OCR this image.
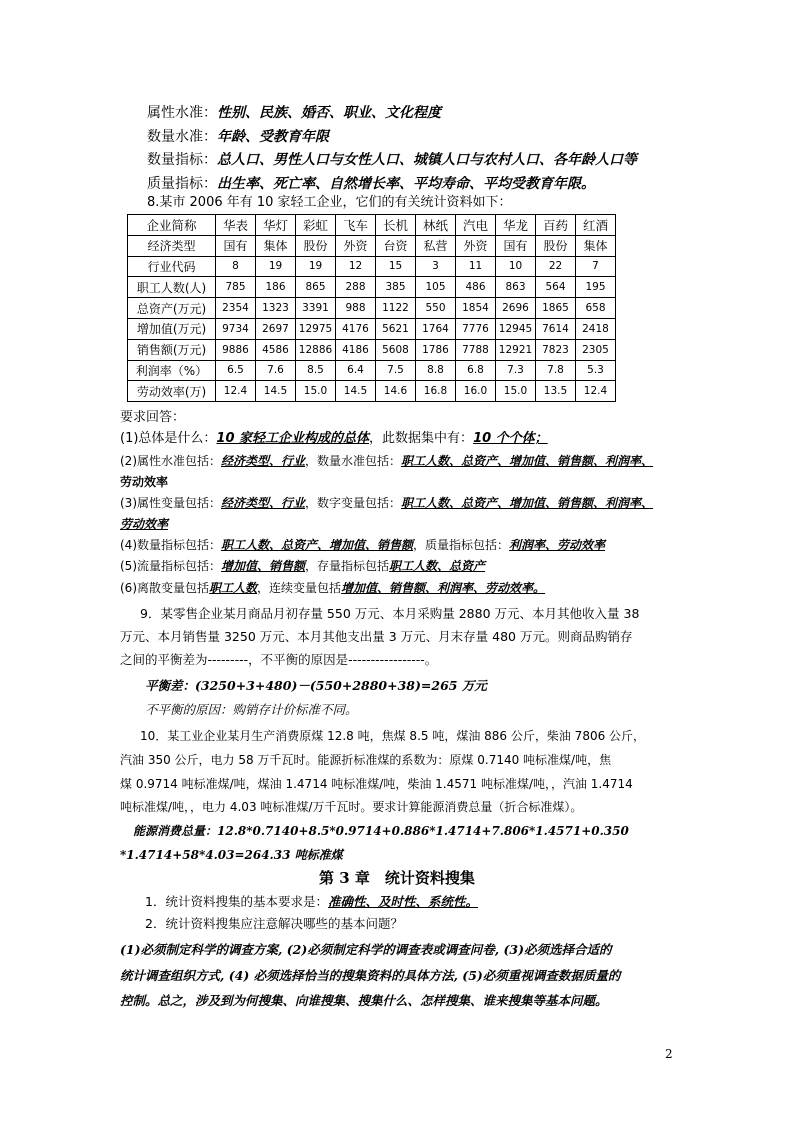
属性水准：性别、民族、婚否、职业、文化程度
数量水准：年龄、受教育年限
数量指标：总人口、男性人口与女性人口、城镇人口与农村人口、各年龄人口等
质量指标：出生率、死亡率、自然增长率、平均寿命、平均受教育年限。
8.某市 2006 年有 10 家轻工企业，它们的有关统计资料如下：
企业简称	华表	华灯	彩虹	飞车	长机	林纸	汽电	华龙	百药	红酒
经济类型	国有	集体	股份	外资	台资	私营	外资	国有	股份	集体
行业代码	8	19	19	12	15	3	11	10	22	7
职工人数(人)	785	186	865	288	385	105	486	863	564	195
总资产(万元)	2354	1323	3391	988	1122	550	1854	2696	1865	658
增加值(万元)	9734	2697	12975	4176	5621	1764	7776	12945	7614	2418
销售额(万元)	9886	4586	12886	4186	5608	1786	7788	12921	7823	2305
利润率（%）	6.5	7.6	8.5	6.4	7.5	8.8	6.8	7.3	7.8	5.3
劳动效率(万)	12.4	14.5	15.0	14.5	14.6	16.8	16.0	15.0	13.5	12.4
要求回答：
(1)总体是什么：10 家轻工企业构成的总体，此数据集中有：10 个个体；
(2)属性水准包括：经济类型、行业，数量水准包括：职工人数、总资产、增加值、销售额、利润率、
劳动效率
(3)属性变量包括：经济类型、行业，数字变量包括：职工人数、总资产、增加值、销售额、利润率、
劳动效率
(4)数量指标包括：职工人数、总资产、增加值、销售额，质量指标包括：利润率、劳动效率
(5)流量指标包括：增加值、销售额，存量指标包括职工人数、总资产
(6)离散变量包括职工人数，连续变量包括增加值、销售额、利润率、劳动效率。
9．某零售企业某月商品月初存量 550 万元、本月采购量 2880 万元、本月其他收入量 38
万元、本月销售量 3250 万元、本月其他支出量 3 万元、月末存量 480 万元。则商品购销存
之间的平衡差为---------，不平衡的原因是-----------------。
平衡差：(3250+3+480)－(550+2880+38)=265 万元
不平衡的原因：购销存计价标准不同。
10．某工业企业某月生产消费原煤 12.8 吨，焦煤 8.5 吨，煤油 886 公斤，柴油 7806 公斤，
汽油 350 公斤，电力 58 万千瓦时。能源折标准煤的系数为：原煤 0.7140 吨标准煤/吨，焦
煤 0.9714 吨标准煤/吨，煤油 1.4714 吨标准煤/吨，柴油 1.4571 吨标准煤/吨，，汽油 1.4714
吨标准煤/吨，，电力 4.03 吨标准煤/万千瓦时。要求计算能源消费总量（折合标准煤）。
能源消费总量：12.8*0.7140+8.5*0.9714+0.886*1.4714+7.806*1.4571+0.350
*1.4714+58*4.03=264.33 吨标准煤
第 3 章　统计资料搜集
1．统计资料搜集的基本要求是：准确性、及时性、系统性。
2．统计资料搜集应注意解决哪些的基本问题？
(1)必须制定科学的调查方案, (2)必须制定科学的调查表或调查问卷, (3)必须选择合适的
统计调查组织方式, (4) 必须选择恰当的搜集资料的具体方法, (5)必须重视调查数据质量的
控制。总之，涉及到为何搜集、向谁搜集、搜集什么、怎样搜集、谁来搜集等基本问题。
2
